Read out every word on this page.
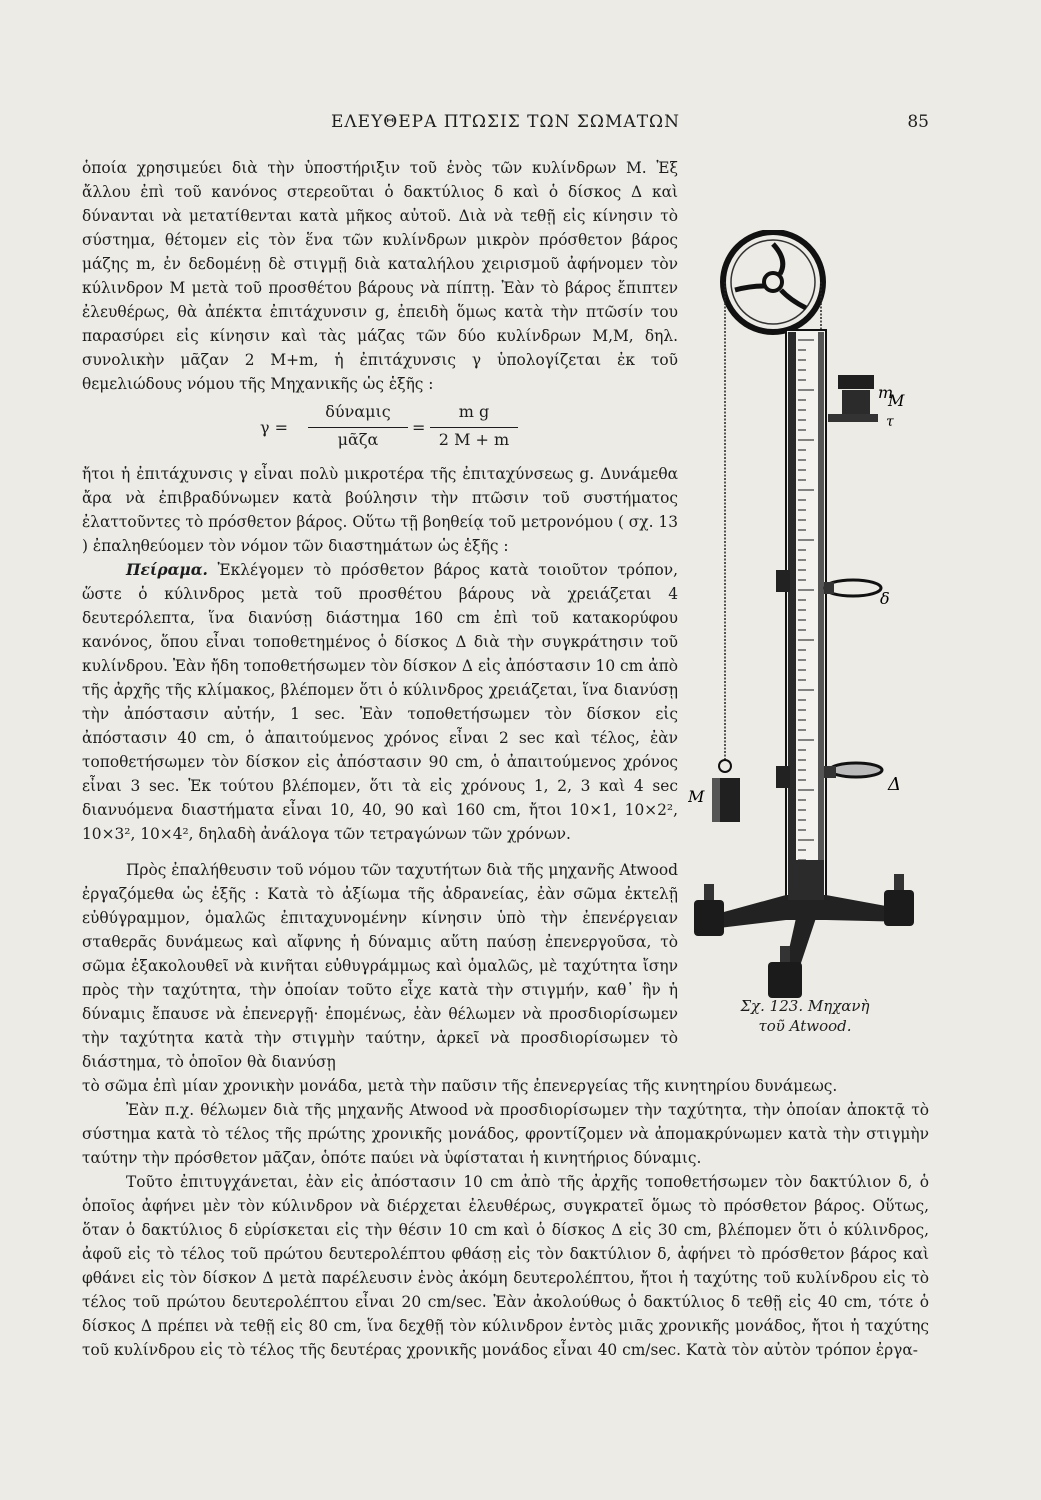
ΕΛΕΥΘΕΡΑ ΠΤΩΣΙΣ ΤΩΝ ΣΩΜΑΤΩΝ	85

ὁποία χρησιμεύει διὰ τὴν ὑποστήριξιν τοῦ ἑνὸς τῶν κυλίνδρων Μ. Ἐξ ἄλλου ἐπὶ τοῦ κανόνος στερεοῦται ὁ δακτύλιος δ καὶ ὁ δίσκος Δ καὶ δύνανται νὰ μετατίθενται κατὰ μῆκος αὐτοῦ. Διὰ νὰ τεθῇ εἰς κίνησιν τὸ σύστημα, θέτομεν εἰς τὸν ἕνα τῶν κυλίνδρων μικρὸν πρόσθετον βάρος μάζης m, ἐν δεδομένῃ δὲ στιγμῇ διὰ καταλήλου χειρισμοῦ ἀφήνομεν τὸν κύλινδρον Μ μετὰ τοῦ προσθέτου βάρους νὰ πίπτῃ. Ἐὰν τὸ βάρος ἔπιπτεν ἐλευθέρως, θὰ ἀπέκτα ἐπιτάχυνσιν g, ἐπειδὴ ὅμως κατὰ τὴν πτῶσίν του παρασύρει εἰς κίνησιν καὶ τὰς μάζας τῶν δύο κυλίνδρων Μ,Μ, δηλ. συνολικὴν μᾶζαν 2 Μ+m, ἡ ἐπιτάχυνσις γ ὑπολογίζεται ἐκ τοῦ θεμελιώδους νόμου τῆς Μηχανικῆς ὡς ἑξῆς :

γ =
δύναμις
μᾶζα
=
m g
2 M + m

ἤτοι ἡ ἐπιτάχυνσις γ εἶναι πολὺ μικροτέρα τῆς ἐπιταχύνσεως g. Δυνάμεθα ἄρα νὰ ἐπιβραδύνωμεν κατὰ βούλησιν τὴν πτῶσιν τοῦ συστήματος ἐλαττοῦντες τὸ πρόσθετον βάρος. Οὕτω τῇ βοηθείᾳ τοῦ μετρονόμου ( σχ. 13 ) ἐπαληθεύομεν τὸν νόμον τῶν διαστημάτων ὡς ἑξῆς :

Πείραμα. Ἐκλέγομεν τὸ πρόσθετον βάρος κατὰ τοιοῦτον τρόπον, ὥστε ὁ κύλινδρος μετὰ τοῦ προσθέτου βάρους νὰ χρειάζεται 4 δευτερόλεπτα, ἵνα διανύσῃ διάστημα 160 cm ἐπὶ τοῦ κατακορύφου κανόνος, ὅπου εἶναι τοποθετημένος ὁ δίσκος Δ διὰ τὴν συγκράτησιν τοῦ κυλίνδρου. Ἐὰν ἤδη τοποθετήσωμεν τὸν δίσκον Δ εἰς ἀπόστασιν 10 cm ἀπὸ τῆς ἀρχῆς τῆς κλίμακος, βλέπομεν ὅτι ὁ κύλινδρος χρειάζεται, ἵνα διανύσῃ τὴν ἀπόστασιν αὐτήν, 1 sec. Ἐὰν τοποθετήσωμεν τὸν δίσκον εἰς ἀπόστασιν 40 cm, ὁ ἀπαιτούμενος χρόνος εἶναι 2 sec καὶ τέλος, ἐὰν τοποθετήσωμεν τὸν δίσκον εἰς ἀπόστασιν 90 cm, ὁ ἀπαιτούμενος χρόνος εἶναι 3 sec. Ἐκ τούτου βλέπομεν, ὅτι τὰ εἰς χρόνους 1, 2, 3 καὶ 4 sec διανυόμενα διαστήματα εἶναι 10, 40, 90 καὶ 160 cm, ἤτοι 10×1, 10×2², 10×3², 10×4², δηλαδὴ ἀνάλογα τῶν τετραγώνων τῶν χρόνων.

Πρὸς ἐπαλήθευσιν τοῦ νόμου τῶν ταχυτήτων διὰ τῆς μηχανῆς Atwood ἐργαζόμεθα ὡς ἑξῆς : Κατὰ τὸ ἀξίωμα τῆς ἀδρανείας, ἐὰν σῶμα ἐκτελῇ εὐθύγραμμον, ὁμαλῶς ἐπιταχυνομένην κίνησιν ὑπὸ τὴν ἐπενέργειαν σταθερᾶς δυνάμεως καὶ αἴφνης ἡ δύναμις αὕτη παύσῃ ἐπενεργοῦσα, τὸ σῶμα ἐξακολουθεῖ νὰ κινῆται εὐθυγράμμως καὶ ὁμαλῶς, μὲ ταχύτητα ἴσην πρὸς τὴν ταχύτητα, τὴν ὁποίαν τοῦτο εἶχε κατὰ τὴν στιγμήν, καθ᾽ ἣν ἡ δύναμις ἔπαυσε νὰ ἐπενεργῇ· ἐπομένως, ἐὰν θέλωμεν νὰ προσδιορίσωμεν τὴν ταχύτητα κατὰ τὴν στιγμὴν ταύτην, ἀρκεῖ νὰ προσδιορίσωμεν τὸ διάστημα, τὸ ὁποῖον θὰ διανύσῃ

τὸ σῶμα ἐπὶ μίαν χρονικὴν μονάδα, μετὰ τὴν παῦσιν τῆς ἐπενεργείας τῆς κινητηρίου δυνάμεως.

Ἐὰν π.χ. θέλωμεν διὰ τῆς μηχανῆς Atwood νὰ προσδιορίσωμεν τὴν ταχύτητα, τὴν ὁποίαν ἀποκτᾷ τὸ σύστημα κατὰ τὸ τέλος τῆς πρώτης χρονικῆς μονάδος, φροντίζομεν νὰ ἀπομακρύνωμεν κατὰ τὴν στιγμὴν ταύτην τὴν πρόσθετον μᾶζαν, ὁπότε παύει νὰ ὑφίσταται ἡ κινητήριος δύναμις.

Τοῦτο ἐπιτυγχάνεται, ἐὰν εἰς ἀπόστασιν 10 cm ἀπὸ τῆς ἀρχῆς τοποθετήσωμεν τὸν δακτύλιον δ, ὁ ὁποῖος ἀφήνει μὲν τὸν κύλινδρον νὰ διέρχεται ἐλευθέρως, συγκρατεῖ ὅμως τὸ πρόσθετον βάρος. Οὕτως, ὅταν ὁ δακτύλιος δ εὑρίσκεται εἰς τὴν θέσιν 10 cm καὶ ὁ δίσκος Δ εἰς 30 cm, βλέπομεν ὅτι ὁ κύλινδρος, ἀφοῦ εἰς τὸ τέλος τοῦ πρώτου δευτερολέπτου φθάσῃ εἰς τὸν δακτύλιον δ, ἀφήνει τὸ πρόσθετον βάρος καὶ φθάνει εἰς τὸν δίσκον Δ μετὰ παρέλευσιν ἑνὸς ἀκόμη δευτερολέπτου, ἤτοι ἡ ταχύτης τοῦ κυλίνδρου εἰς τὸ τέλος τοῦ πρώτου δευτερολέπτου εἶναι 20 cm/sec. Ἐὰν ἀκολούθως ὁ δακτύλιος δ τεθῇ εἰς 40 cm, τότε ὁ δίσκος Δ πρέπει νὰ τεθῇ εἰς 80 cm, ἵνα δεχθῇ τὸν κύλινδρον ἐντὸς μιᾶς χρονικῆς μονάδος, ἤτοι ἡ ταχύτης τοῦ κυλίνδρου εἰς τὸ τέλος τῆς δευτέρας χρονικῆς μονάδος εἶναι 40 cm/sec. Κατὰ τὸν αὐτὸν τρόπον ἐργα-

m
M
τ
δ
Δ
M
Σχ. 123. Μηχανὴ
τοῦ Atwood.
